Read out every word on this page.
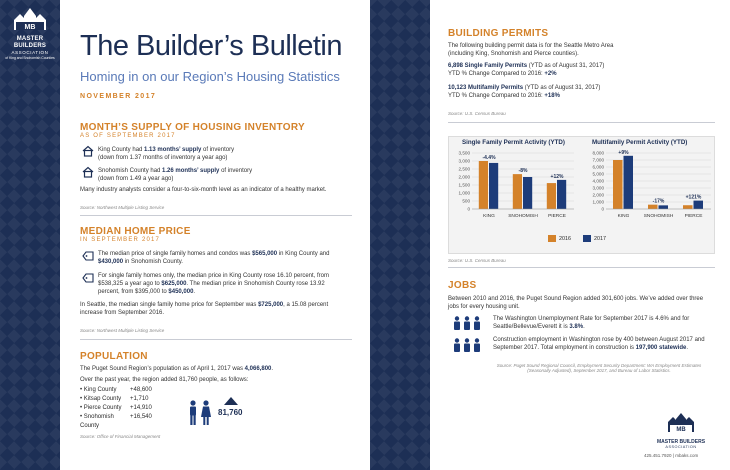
MB
MASTER BUILDERS
ASSOCIATION
of King and Snohomish Counties The Builder’s Bulletin
Homing in on our Region’s Housing Statistics
NOVEMBER 2017
MONTH’S SUPPLY OF HOUSING INVENTORY
AS OF SEPTEMBER 2017
King County had 1.13 months’ supply of inventory
(down from 1.37 months of inventory a year ago)
Snohomish County had 1.26 months’ supply of inventory
(down from 1.49 a year ago)
Many industry analysts consider a four-to-six-month level as an indicator of a healthy market.
Source: Northwest Multiple Listing Service
MEDIAN HOME PRICE
IN SEPTEMBER 2017
The median price of single family homes and condos was $565,000 in King County and
$430,000 in Snohomish County.
For single family homes only, the median price in King County rose 16.10 percent, from
$538,325 a year ago to $625,000. The median price in Snohomish County rose 13.92
percent, from $395,000 to $450,000.
In Seattle, the median single family home price for September was $725,000, a 15.08 percent
increase from September 2016.
Source: Northwest Multiple Listing Service
POPULATION
The Puget Sound Region’s population as of April 1, 2017 was 4,066,800.
Over the past year, the region added 81,760 people, as follows:
• King County	+48,600
• Kitsap County	+1,710
• Pierce County	+14,910
• Snohomish County
+16,540	81,760
Source: Office of Financial Management
BUILDING PERMITS
The following building permit data is for the Seattle Metro Area
(including King, Snohomish and Pierce counties).
6,898 Single Family Permits (YTD as of August 31, 2017)
YTD % Change Compared to 2016: +2%
10,123 Multifamily Permits (YTD as of August 31, 2017)
YTD % Change Compared to 2016: +18%
Source: U.S. Census Bureau
Single Family Permit Activity (YTD)	Multifamily Permit Activity (YTD)
0
500
1,000
1,500
2,000
2,500
3,000
3,500
-4.4%
KING
-8%
SNOHOMISH
+12%
PIERCE
0
1,000
2,000
3,000
4,000
5,000
6,000
7,000
8,000	+9%
KING
-17%
SNOHOMISH
+121%
PIERCE
2016	2017
Source: U.S. Census Bureau
JOBS
Between 2010 and 2016, the Puget Sound Region added 301,600 jobs. We’ve added over three
jobs for every housing unit.
The Washington Unemployment Rate for September 2017 is 4.6% and for
Seattle/Bellevue/Everett it is 3.8%.
Construction employment in Washington rose by 400 between August 2017 and
September 2017. Total employment in construction is 197,900 statewide.
Source: Puget Sound Regional Council, Employment Security Department: WA Employment Estimates
(Seasonally Adjusted), September 2017, and Bureau of Labor Statistics.
MB
MASTER BUILDERS
ASSOCIATION
425.451.7920 | mbaks.com
